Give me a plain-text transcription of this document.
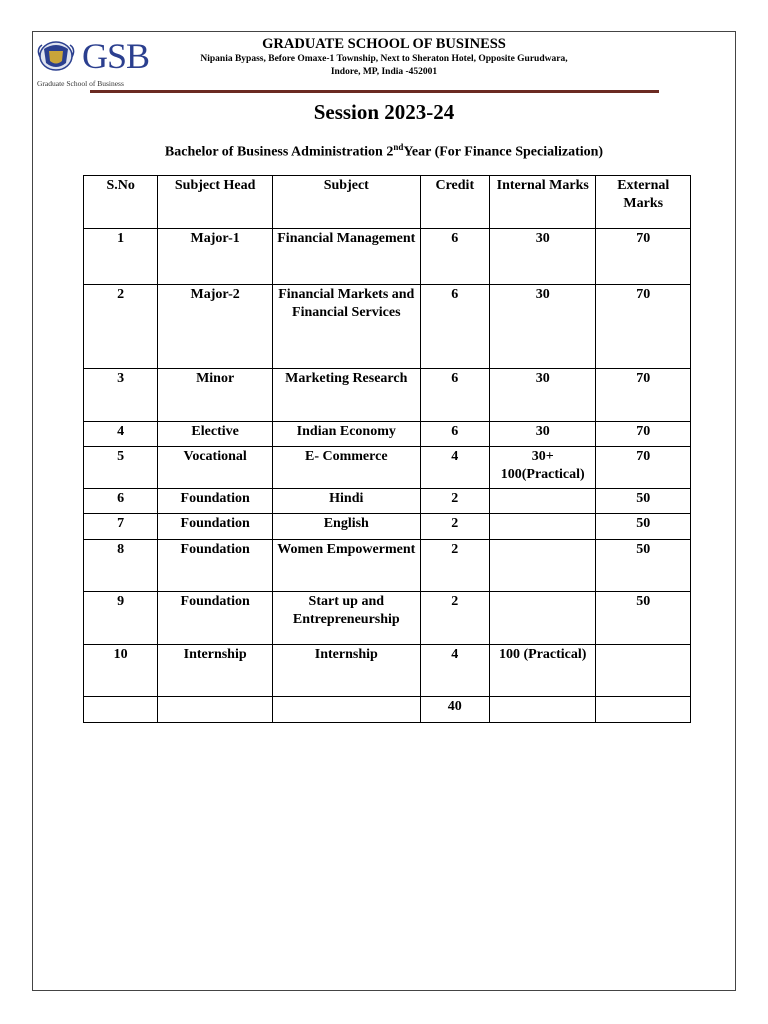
GSB
Graduate School of Business
GRADUATE SCHOOL OF BUSINESS
Nipania Bypass, Before Omaxe-1 Township, Next to Sheraton Hotel, Opposite Gurudwara,
Indore, MP, India -452001
Session 2023-24
Bachelor of Business Administration 2ndYear (For Finance Specialization)
S.No	Subject Head	Subject	Credit	Internal Marks	External Marks
1	Major-1	Financial Management	6	30	70
2	Major-2	Financial Markets and Financial Services	6	30	70
3	Minor	Marketing Research	6	30	70
4	Elective	Indian Economy	6	30	70
5	Vocational	E- Commerce	4	30+ 100(Practical)	70
6	Foundation	Hindi	2		50
7	Foundation	English	2		50
8	Foundation	Women Empowerment	2		50
9	Foundation	Start up and Entrepreneurship	2		50
10	Internship	Internship	4	100 (Practical)	
			40		
